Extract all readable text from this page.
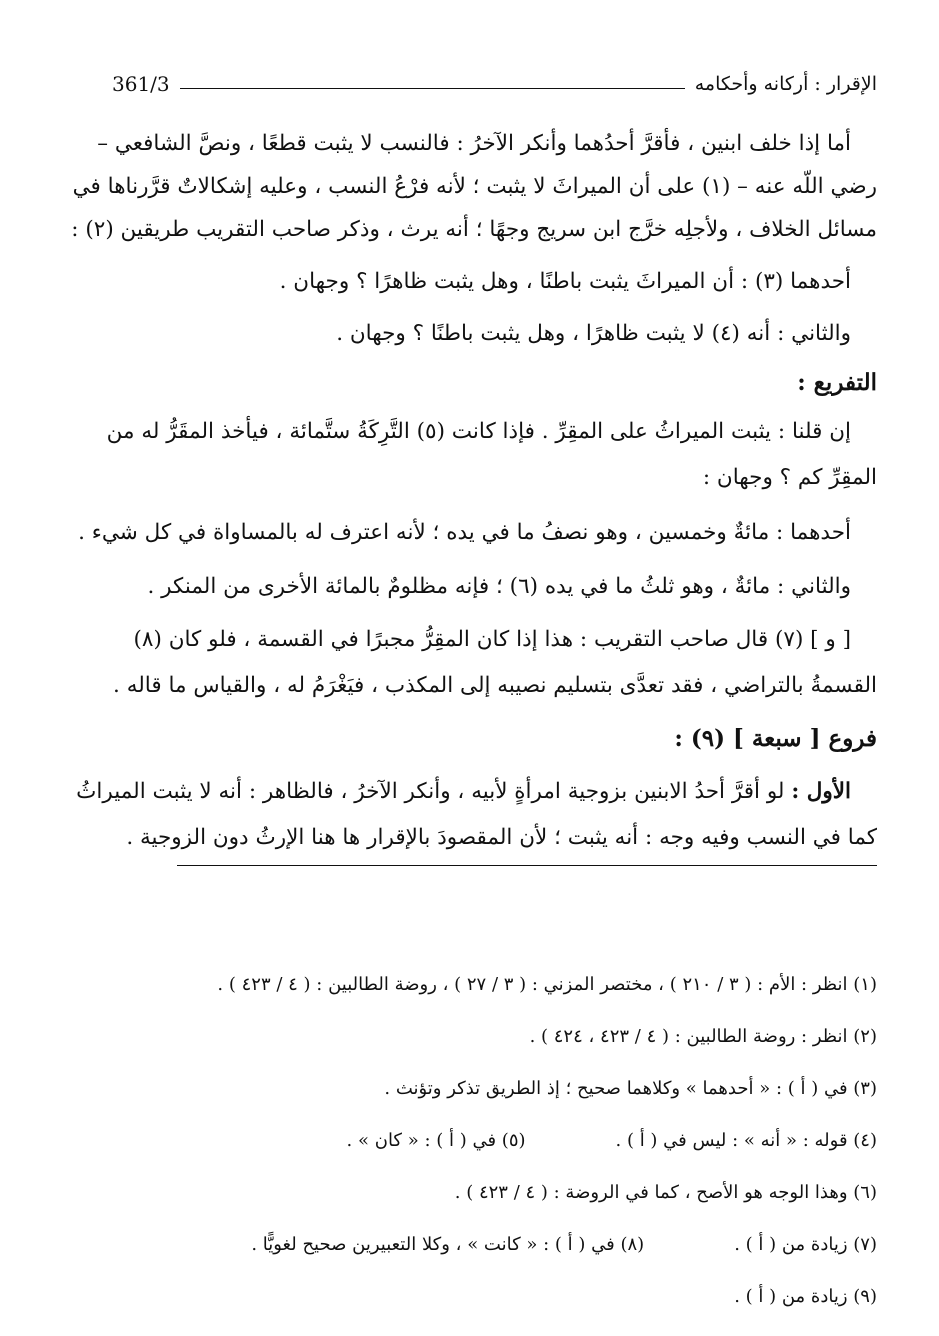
الإقرار : أركانه وأحكامه
361/3

أما إذا خلف ابنين ، فأقرَّ أحدُهما وأنكر الآخرُ : فالنسب لا يثبت قطعًا ، ونصَّ الشافعي –
رضي اللّه عنه – (١) على أن الميراثَ لا يثبت ؛ لأنه فرْعُ النسب ، وعليه إشكالاتٌ قرَّرناها في
مسائل الخلاف ، ولأجلِه خرَّج ابن سريج وجهًا ؛ أنه يرث ، وذكر صاحب التقريب طريقين (٢) :

أحدهما (٣) : أن الميراثَ يثبت باطنًا ، وهل يثبت ظاهرًا ؟ وجهان .

والثاني : أنه (٤) لا يثبت ظاهرًا ، وهل يثبت باطنًا ؟ وجهان .

التفريع :

إن قلنا : يثبت الميراثُ على المقِرِّ . فإذا كانت (٥) التَّرِكَةُ ستَّمائة ، فيأخذ المقَرُّ له من
المقِرِّ كم ؟ وجهان :

أحدهما : مائةٌ وخمسين ، وهو نصفُ ما في يده ؛ لأنه اعترف له بالمساواة في كل شيء .

والثاني : مائةٌ ، وهو ثلثُ ما في يده (٦) ؛ فإنه مظلومٌ بالمائة الأخرى من المنكر .

[ و ] (٧) قال صاحب التقريب : هذا إذا كان المقِرُّ مجبرًا في القسمة ، فلو كان (٨)
القسمةُ بالتراضي ، فقد تعدَّى بتسليم نصيبه إلى المكذب ، فيَغْرَمُ له ، والقياس ما قاله .

فروع [ سبعة ] (٩) :

الأول : لو أقرَّ أحدُ الابنين بزوجية امرأةٍ لأبيه ، وأنكر الآخرُ ، فالظاهر : أنه لا يثبت الميراثُ
كما في النسب وفيه وجه : أنه يثبت ؛ لأن المقصودَ بالإقرار ها هنا الإرثُ دون الزوجية .

(١) انظر : الأم : ( ٣ / ٢١٠ ) ، مختصر المزني : ( ٣ / ٢٧ ) ، روضة الطالبين : ( ٤ / ٤٢٣ ) .
(٢) انظر : روضة الطالبين : ( ٤ / ٤٢٣ ، ٤٢٤ ) .
(٣) في ( أ ) : « أحدهما » وكلاهما صحيح ؛ إذ الطريق تذكر وتؤنث .
(٤) قوله : « أنه » : ليس في ( أ ) .
(٥) في ( أ ) : « كان » .
(٦) وهذا الوجه هو الأصح ، كما في الروضة : ( ٤ / ٤٢٣ ) .
(٧) زيادة من ( أ ) .
(٨) في ( أ ) : « كانت » ، وكلا التعبيرين صحيح لغويًّا .
(٩) زيادة من ( أ ) .
